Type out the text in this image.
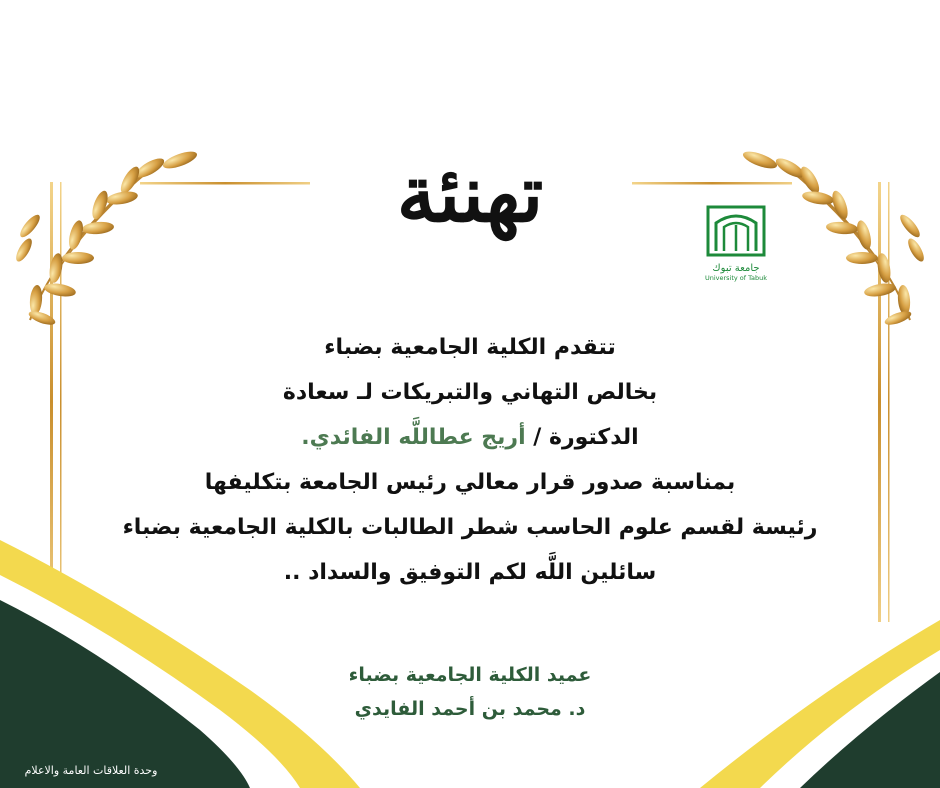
جامعة تبوك
University of Tabuk
تهنئة
تتقدم الكلية الجامعية بضباء
بخالص التهاني والتبريكات لـ سعادة
الدكتورة / أريج عطاللَّه الفائدي.
بمناسبة صدور قرار معالي رئيس الجامعة بتكليفها
رئيسة لقسم علوم الحاسب شطر الطالبات بالكلية الجامعية بضباء
سائلين اللَّه لكم التوفيق والسداد ..
عميد الكلية الجامعية بضباء
د. محمد بن أحمد الفايدي
وحدة العلاقات العامة والاعلام
